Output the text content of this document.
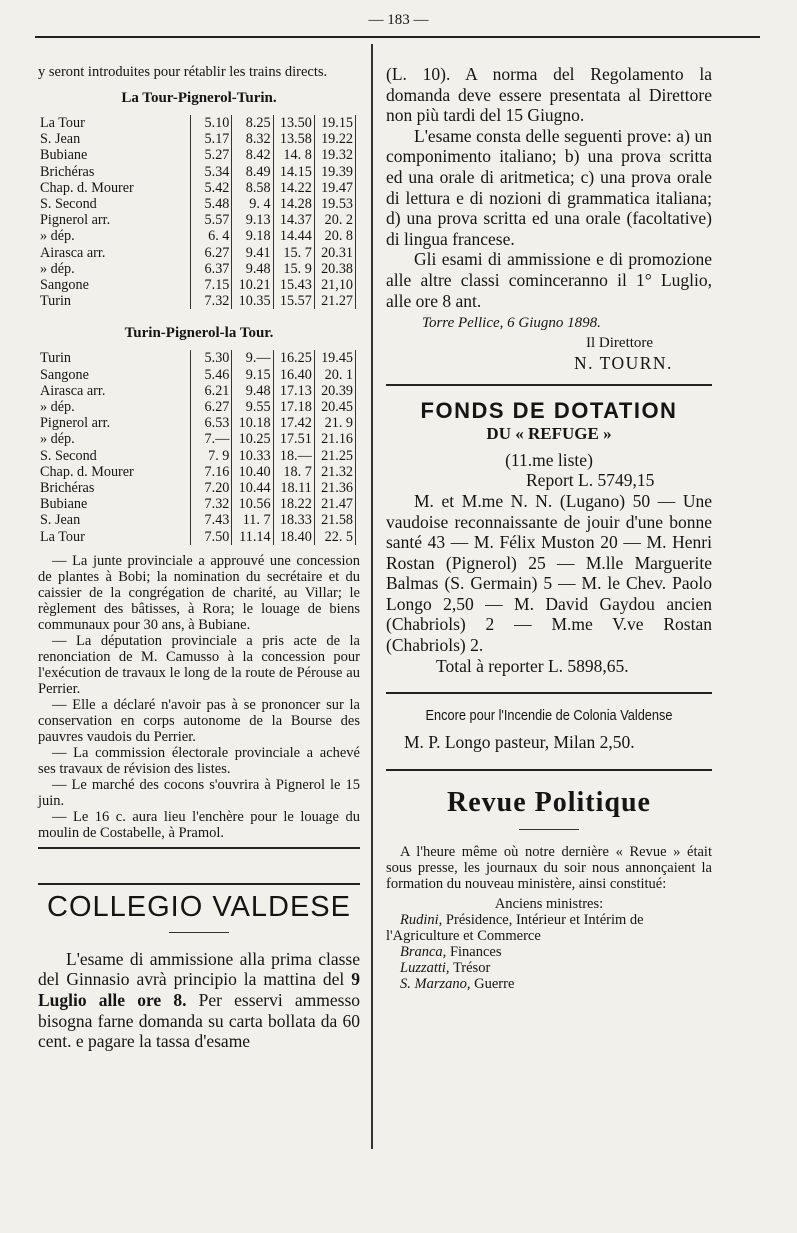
— 183 —
y seront introduites pour rétablir les trains directs.
La Tour-Pignerol-Turin.
La Tour	5.10	8.25	13.50	19.15
S. Jean	5.17	8.32	13.58	19.22
Bubiane	5.27	8.42	14. 8	19.32
Brichéras	5.34	8.49	14.15	19.39
Chap. d. Mourer	5.42	8.58	14.22	19.47
S. Second	5.48	9. 4	14.28	19.53
Pignerol arr.	5.57	9.13	14.37	20. 2
» dép.	6. 4	9.18	14.44	20. 8
Airasca arr.	6.27	9.41	15. 7	20.31
» dép.	6.37	9.48	15. 9	20.38
Sangone	7.15	10.21	15.43	21,10
Turin	7.32	10.35	15.57	21.27
Turin-Pignerol-la Tour.
Turin	5.30	9.—	16.25	19.45
Sangone	5.46	9.15	16.40	20. 1
Airasca arr.	6.21	9.48	17.13	20.39
» dép.	6.27	9.55	17.18	20.45
Pignerol arr.	6.53	10.18	17.42	21. 9
» dép.	7.—	10.25	17.51	21.16
S. Second	7. 9	10.33	18.—	21.25
Chap. d. Mourer	7.16	10.40	18. 7	21.32
Brichéras	7.20	10.44	18.11	21.36
Bubiane	7.32	10.56	18.22	21.47
S. Jean	7.43	11. 7	18.33	21.58
La Tour	7.50	11.14	18.40	22. 5

— La junte provinciale a approuvé une concession de plantes à Bobi; la nomination du secrétaire et du caissier de la congrégation de charité, au Villar; le règlement des bâtisses, à Rora; le louage de biens communaux pour 30 ans, à Bubiane.

— La députation provinciale a pris acte de la renonciation de M. Camusso à la concession pour l'exécution de travaux le long de la route de Pérouse au Perrier.

— Elle a déclaré n'avoir pas à se prononcer sur la conservation en corps autonome de la Bourse des pauvres vaudois du Perrier.

— La commission électorale provinciale a achevé ses travaux de révision des listes.

— Le marché des cocons s'ouvrira à Pignerol le 15 juin.

— Le 16 c. aura lieu l'enchère pour le louage du moulin de Costabelle, à Pramol.

COLLEGIO VALDESE

L'esame di ammissione alla prima classe del Ginnasio avrà principio la mattina del 9 Luglio alle ore 8. Per esservi ammesso bisogna farne domanda su carta bollata da 60 cent. e pagare la tassa d'esame

(L. 10). A norma del Regolamento la domanda deve essere presentata al Direttore non più tardi del 15 Giugno.

L'esame consta delle seguenti prove: a) un componimento italiano; b) una prova scritta ed una orale di aritmetica; c) una prova orale di lettura e di nozioni di grammatica italiana; d) una prova scritta ed una orale (facoltative) di lingua francese.

Gli esami di ammissione e di promozione alle altre classi cominceranno il 1° Luglio, alle ore 8 ant.

Torre Pellice, 6 Giugno 1898.
Il Direttore
N. TOURN.
FONDS DE DOTATION
DU « REFUGE »
(11.me liste)
Report L. 5749,15

M. et M.me N. N. (Lugano) 50 — Une vaudoise reconnaissante de jouir d'une bonne santé 43 — M. Félix Muston 20 — M. Henri Rostan (Pignerol) 25 — M.lle Marguerite Balmas (S. Germain) 5 — M. le Chev. Paolo Longo 2,50 — M. David Gaydou ancien (Chabriols) 2 — M.me V.ve Rostan (Chabriols) 2.

Total à reporter L. 5898,65.
Encore pour l'Incendie de Colonia Valdense
M. P. Longo pasteur, Milan 2,50.
Revue Politique

A l'heure même où notre dernière « Revue » était sous presse, les journaux du soir nous annonçaient la formation du nouveau ministère, ainsi constitué:

Anciens ministres:

Rudini, Présidence, Intérieur et Intérim de l'Agriculture et Commerce

Branca, Finances

Luzzatti, Trésor

S. Marzano, Guerre
